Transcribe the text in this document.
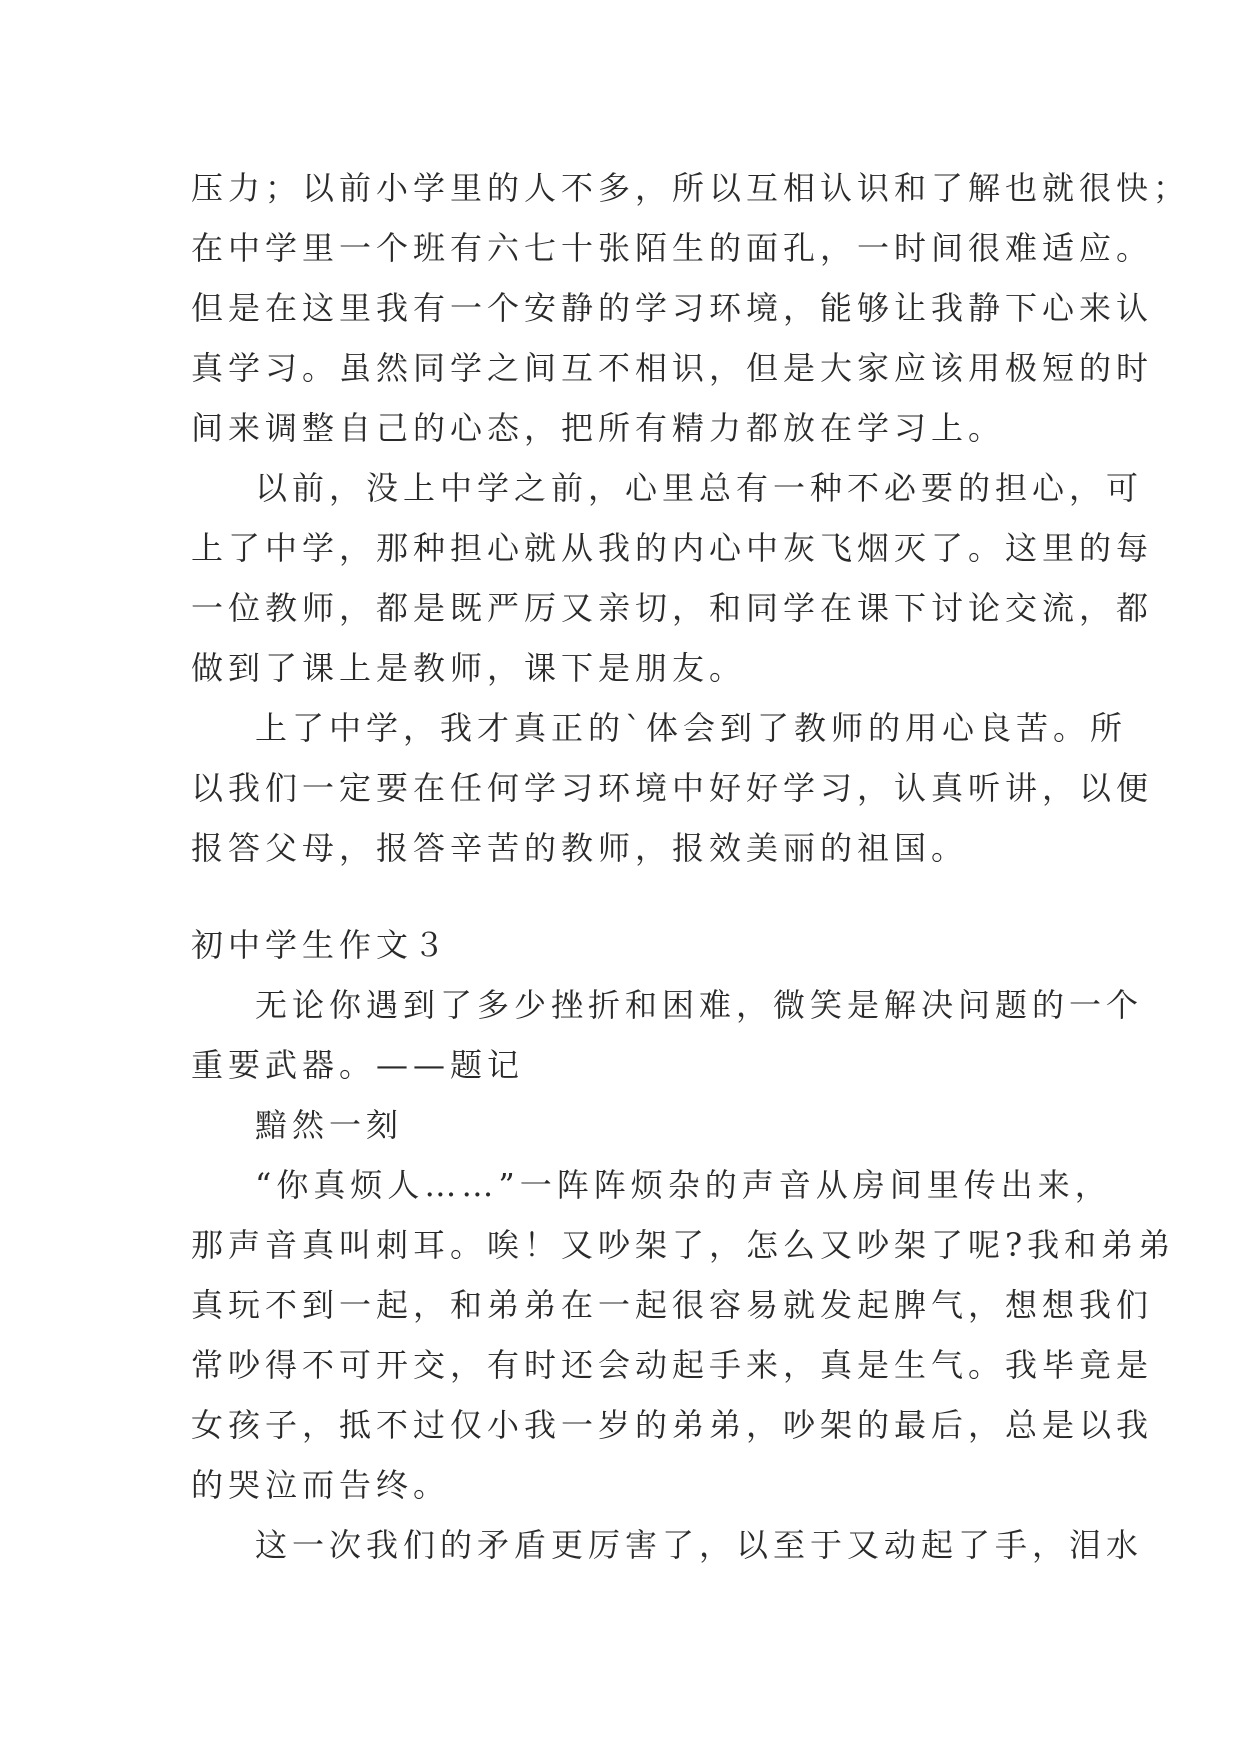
压力；以前小学里的人不多，所以互相认识和了解也就很快；
在中学里一个班有六七十张陌生的面孔，一时间很难适应。
但是在这里我有一个安静的学习环境，能够让我静下心来认
真学习。虽然同学之间互不相识，但是大家应该用极短的时
间来调整自己的心态，把所有精力都放在学习上。
以前，没上中学之前，心里总有一种不必要的担心，可
上了中学，那种担心就从我的内心中灰飞烟灭了。这里的每
一位教师，都是既严厉又亲切，和同学在课下讨论交流，都
做到了课上是教师，课下是朋友。
上了中学，我才真正的`体会到了教师的用心良苦。所
以我们一定要在任何学习环境中好好学习，认真听讲，以便
报答父母，报答辛苦的教师，报效美丽的祖国。
初中学生作文３
无论你遇到了多少挫折和困难，微笑是解决问题的一个
重要武器。——题记
黯然一刻
“你真烦人……”一阵阵烦杂的声音从房间里传出来，
那声音真叫刺耳。唉！又吵架了，怎么又吵架了呢?我和弟弟
真玩不到一起，和弟弟在一起很容易就发起脾气，想想我们
常吵得不可开交，有时还会动起手来，真是生气。我毕竟是
女孩子，抵不过仅小我一岁的弟弟，吵架的最后，总是以我
的哭泣而告终。
这一次我们的矛盾更厉害了，以至于又动起了手，泪水
